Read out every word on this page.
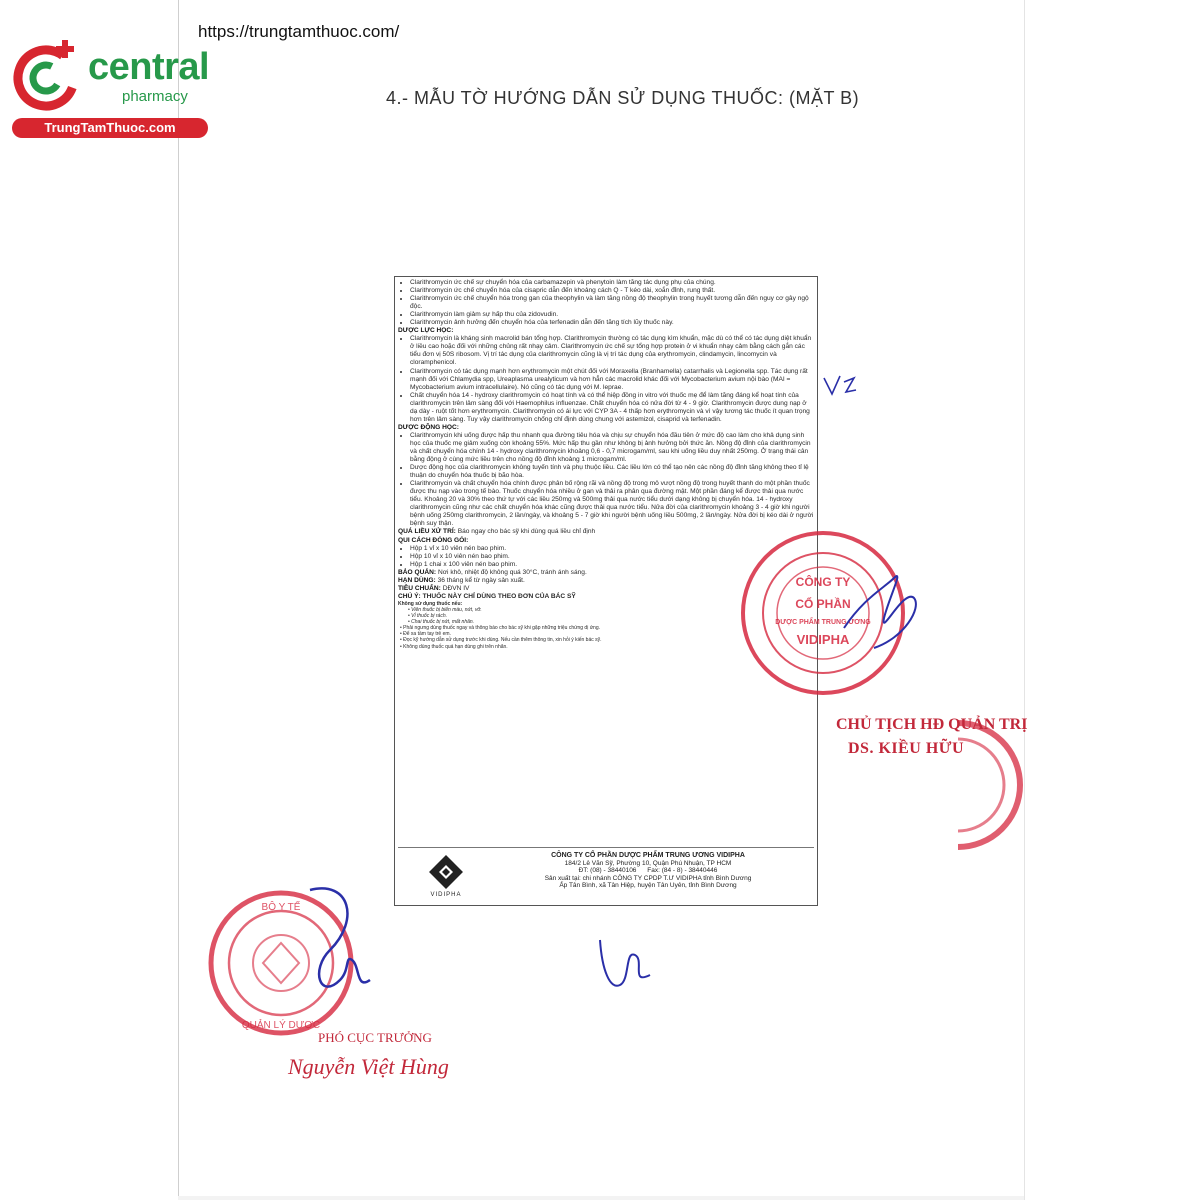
central
pharmacy
TrungTamThuoc.com
https://trungtamthuoc.com/
4.- MẪU TỜ HƯỚNG DẪN SỬ DỤNG THUỐC: (MẶT B)
• Clarithromycin ức chế sự chuyển hóa của carbamazepin và phenytoin làm tăng tác dụng phụ của chúng.
• Clarithromycin ức chế chuyển hóa của cisapric dẫn đến khoảng cách Q - T kéo dài, xoắn đỉnh, rung thất.
• Clarithromycin ức chế chuyển hóa trong gan của theophylin và làm tăng nồng độ theophylin trong huyết tương dẫn đến nguy cơ gây ngộ độc.
• Clarithromycin làm giảm sự hấp thu của zidovudin.
• Clarithromycin ảnh hưởng đến chuyển hóa của terfenadin dẫn đến tăng tích lũy thuốc này.

DƯỢC LỰC HỌC:

• Clarithromycin là kháng sinh macrolid bán tổng hợp. Clarithromycin thường có tác dụng kìm khuẩn, mặc dù có thể có tác dụng diệt khuẩn ở liều cao hoặc đối với những chủng rất nhạy cảm. Clarithromycin ức chế sự tổng hợp protein ở vi khuẩn nhạy cảm bằng cách gắn các tiểu đơn vị 50S ribosom. Vị trí tác dụng của clarithromycin cũng là vị trí tác dụng của erythromycin, clindamycin, lincomycin và cloramphenicol.
• Clarithromycin có tác dụng mạnh hơn erythromycin một chút đối với Moraxella (Branhamella) catarrhalis và Legionella spp. Tác dụng rất mạnh đối với Chlamydia spp, Ureaplasma urealyticum và hơn hẳn các macrolid khác đối với Mycobacterium avium nội bào (MAI = Mycobacterium avium intracellulaire). Nó cũng có tác dụng với M. leprae.
• Chất chuyển hóa 14 - hydroxy clarithromycin có hoạt tính và có thể hiệp đồng in vitro với thuốc mẹ để làm tăng đáng kể hoạt tính của clarithromycin trên lâm sàng đối với Haemophilus influenzae. Chất chuyển hóa có nửa đời từ 4 - 9 giờ. Clarithromycin được dung nạp ở dạ dày - ruột tốt hơn erythromycin. Clarithromycin có ái lực với CYP 3A - 4 thấp hơn erythromycin và vì vậy tương tác thuốc ít quan trọng hơn trên lâm sàng. Tuy vậy clarithromycin chống chỉ định dùng chung với astemizol, cisaprid và terfenadin.

DƯỢC ĐỘNG HỌC:

• Clarithromycin khi uống được hấp thu nhanh qua đường tiêu hóa và chịu sự chuyển hóa đầu tiên ở mức độ cao làm cho khả dụng sinh học của thuốc mẹ giảm xuống còn khoảng 55%. Mức hấp thu gần như không bị ảnh hưởng bởi thức ăn. Nồng độ đỉnh của clarithromycin và chất chuyển hóa chính 14 - hydroxy clarithromycin khoảng 0,6 - 0,7 microgam/ml, sau khi uống liều duy nhất 250mg. Ở trạng thái cân bằng động ở cùng mức liều trên cho nồng độ đỉnh khoảng 1 microgam/ml.
• Dược động học của clarithromycin không tuyến tính và phụ thuộc liều. Các liều lớn có thể tạo nên các nồng độ đỉnh tăng không theo tỉ lệ thuận do chuyển hóa thuốc bị bão hòa.
• Clarithromycin và chất chuyển hóa chính được phân bố rộng rãi và nồng độ trong mô vượt nồng độ trong huyết thanh do một phần thuốc được thu nạp vào trong tế bào. Thuốc chuyển hóa nhiều ở gan và thải ra phân qua đường mật. Một phần đáng kể được thải qua nước tiểu. Khoảng 20 và 30% theo thứ tự với các liều 250mg và 500mg thải qua nước tiểu dưới dạng không bị chuyển hóa. 14 - hydroxy clarithromycin cũng như các chất chuyển hóa khác cũng được thải qua nước tiểu. Nửa đời của clarithromycin khoảng 3 - 4 giờ khi người bệnh uống 250mg clarithromycin, 2 lần/ngày, và khoảng 5 - 7 giờ khi người bệnh uống liều 500mg, 2 lần/ngày. Nửa đời bị kéo dài ở người bệnh suy thận.

QUÁ LIỀU XỬ TRÍ: Báo ngay cho bác sỹ khi dùng quá liều chỉ định

QUI CÁCH ĐÓNG GÓI:

• Hộp 1 vỉ x 10 viên nén bao phim.
• Hộp 10 vỉ x 10 viên nén bao phim.
• Hộp 1 chai x 100 viên nén bao phim.

BẢO QUẢN: Nơi khô, nhiệt độ không quá 30°C, tránh ánh sáng.

HẠN DÙNG: 36 tháng kể từ ngày sản xuất.

TIÊU CHUẨN: DĐVN IV

CHÚ Ý: THUỐC NÀY CHỈ DÙNG THEO ĐƠN CỦA BÁC SỸ

Không sử dụng thuốc nếu:

• Viên thuốc bị biến màu, nứt, vỡ.
• Vỉ thuốc bị rách.
• Chai thuốc bị nứt, mất nhãn.
• Phải ngưng dùng thuốc ngay và thông báo cho bác sỹ khi gặp những triệu chứng dị ứng.
• Để xa tầm tay trẻ em.
• Đọc kỹ hướng dẫn sử dụng trước khi dùng. Nếu cần thêm thông tin, xin hỏi ý kiến bác sỹ.
• Không dùng thuốc quá hạn dùng ghi trên nhãn.
VIDIPHA
CÔNG TY CỔ PHẦN DƯỢC PHẨM TRUNG ƯƠNG VIDIPHA
184/2 Lê Văn Sỹ, Phường 10, Quận Phú Nhuận, TP HCM
ĐT: (08) - 38440106 Fax: (84 - 8) - 38440446
Sản xuất tại: chi nhánh CÔNG TY CPDP T.Ư VIDIPHA tỉnh Bình Dương
Ấp Tân Bình, xã Tân Hiệp, huyện Tân Uyên, tỉnh Bình Dương
CÔNG TY
CỔ PHẦN
DƯỢC PHẨM TRUNG ƯƠNG
VIDIPHA
BỘ Y TẾ
QUẢN LÝ DƯỢC
CHỦ TỊCH HĐ QUẢN TRỊ
DS. KIỀU HỮU
PHÓ CỤC TRƯỞNG
Nguyễn Việt Hùng
